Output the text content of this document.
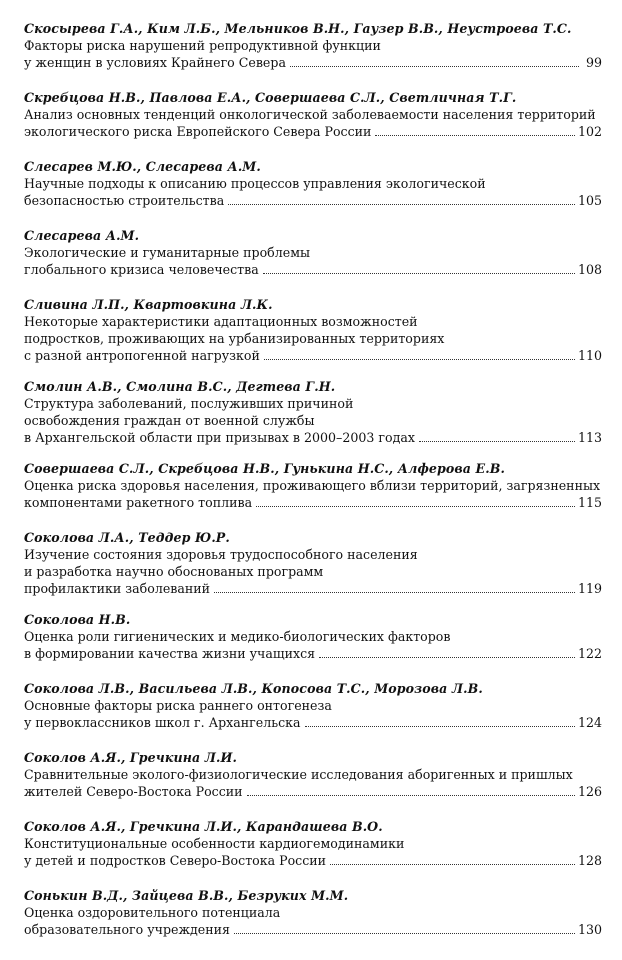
Скосырева Г.А., Ким Л.Б., Мельников В.Н., Гаузер В.В., Неустроева Т.С.
Факторы риска нарушений репродуктивной функции
у женщин в условиях Крайнего Севера	99
Скребцова Н.В., Павлова Е.А., Совершаева С.Л., Светличная Т.Г.
Анализ основных тенденций онкологической заболеваемости населения территорий
экологического риска Европейского Севера России	102
Слесарев М.Ю., Слесарева А.М.
Научные подходы к описанию процессов управления экологической
безопасностью строительства	105
Слесарева А.М.
Экологические и гуманитарные проблемы
глобального кризиса человечества	108
Сливина Л.П., Квартовкина Л.К.
Некоторые характеристики адаптационных возможностей
подростков, проживающих на урбанизированных территориях
с разной антропогенной нагрузкой	110
Смолин А.В., Смолина В.С., Дегтева Г.Н.
Структура заболеваний, послуживших причиной
освобождения граждан от военной службы
в Архангельской области при призывах в 2000–2003 годах	113
Совершаева С.Л., Скребцова Н.В., Гунькина Н.С., Алферова Е.В.
Оценка риска здоровья населения, проживающего вблизи территорий, загрязненных
компонентами ракетного топлива	115
Соколова Л.А., Теддер Ю.Р.
Изучение состояния здоровья трудоспособного населения
и разработка научно обоснованых программ
профилактики заболеваний	119
Соколова Н.В.
Оценка роли гигиенических и медико-биологических факторов
в формировании качества жизни учащихся	122
Соколова Л.В., Васильева Л.В., Копосова Т.С., Морозова Л.В.
Основные факторы риска раннего онтогенеза
у первоклассников школ г. Архангельска	124
Соколов А.Я., Гречкина Л.И.
Сравнительные эколого-физиологические исследования аборигенных и пришлых
жителей Северо-Востока России	126
Соколов А.Я., Гречкина Л.И., Карандашева В.О.
Конституциональные особенности кардиогемодинамики
у детей и подростков Северо-Востока России	128
Сонькин В.Д., Зайцева В.В., Безруких М.М.
Оценка оздоровительного потенциала
образовательного учреждения	130
